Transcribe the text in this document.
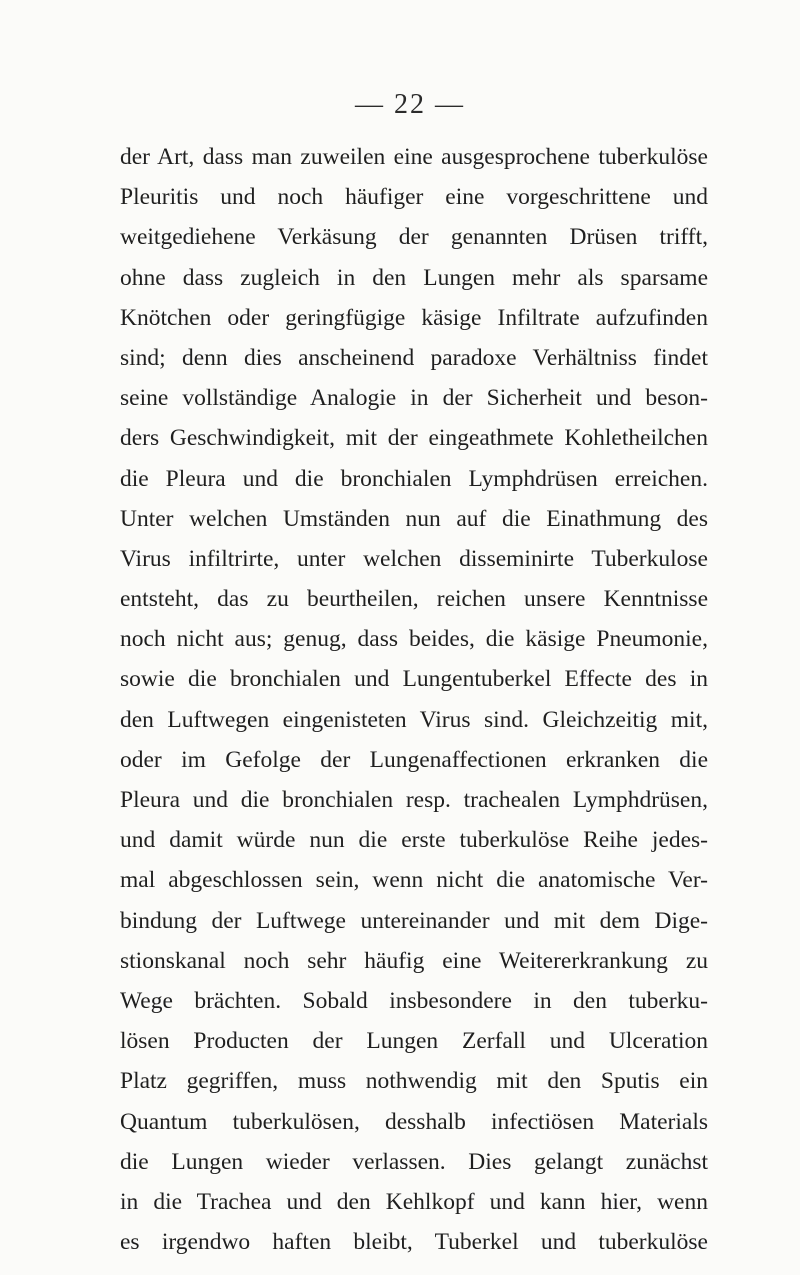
— 22 —
der Art, dass man zuweilen eine ausgesprochene tuberkulöse
Pleuritis und noch häufiger eine vorgeschrittene und
weitgediehene Verkäsung der genannten Drüsen trifft,
ohne dass zugleich in den Lungen mehr als sparsame
Knötchen oder geringfügige käsige Infiltrate aufzufinden
sind; denn dies anscheinend paradoxe Verhältniss findet
seine vollständige Analogie in der Sicherheit und beson-
ders Geschwindigkeit, mit der eingeathmete Kohletheilchen
die Pleura und die bronchialen Lymphdrüsen erreichen.
Unter welchen Umständen nun auf die Einathmung des
Virus infiltrirte, unter welchen disseminirte Tuberkulose
entsteht, das zu beurtheilen, reichen unsere Kenntnisse
noch nicht aus; genug, dass beides, die käsige Pneumonie,
sowie die bronchialen und Lungentuberkel Effecte des in
den Luftwegen eingenisteten Virus sind. Gleichzeitig mit,
oder im Gefolge der Lungenaffectionen erkranken die
Pleura und die bronchialen resp. trachealen Lymphdrüsen,
und damit würde nun die erste tuberkulöse Reihe jedes-
mal abgeschlossen sein, wenn nicht die anatomische Ver-
bindung der Luftwege untereinander und mit dem Dige-
stionskanal noch sehr häufig eine Weitererkrankung zu
Wege brächten. Sobald insbesondere in den tuberku-
lösen Producten der Lungen Zerfall und Ulceration
Platz gegriffen, muss nothwendig mit den Sputis ein
Quantum tuberkulösen, desshalb infectiösen Materials
die Lungen wieder verlassen. Dies gelangt zunächst
in die Trachea und den Kehlkopf und kann hier, wenn
es irgendwo haften bleibt, Tuberkel und tuberkulöse
